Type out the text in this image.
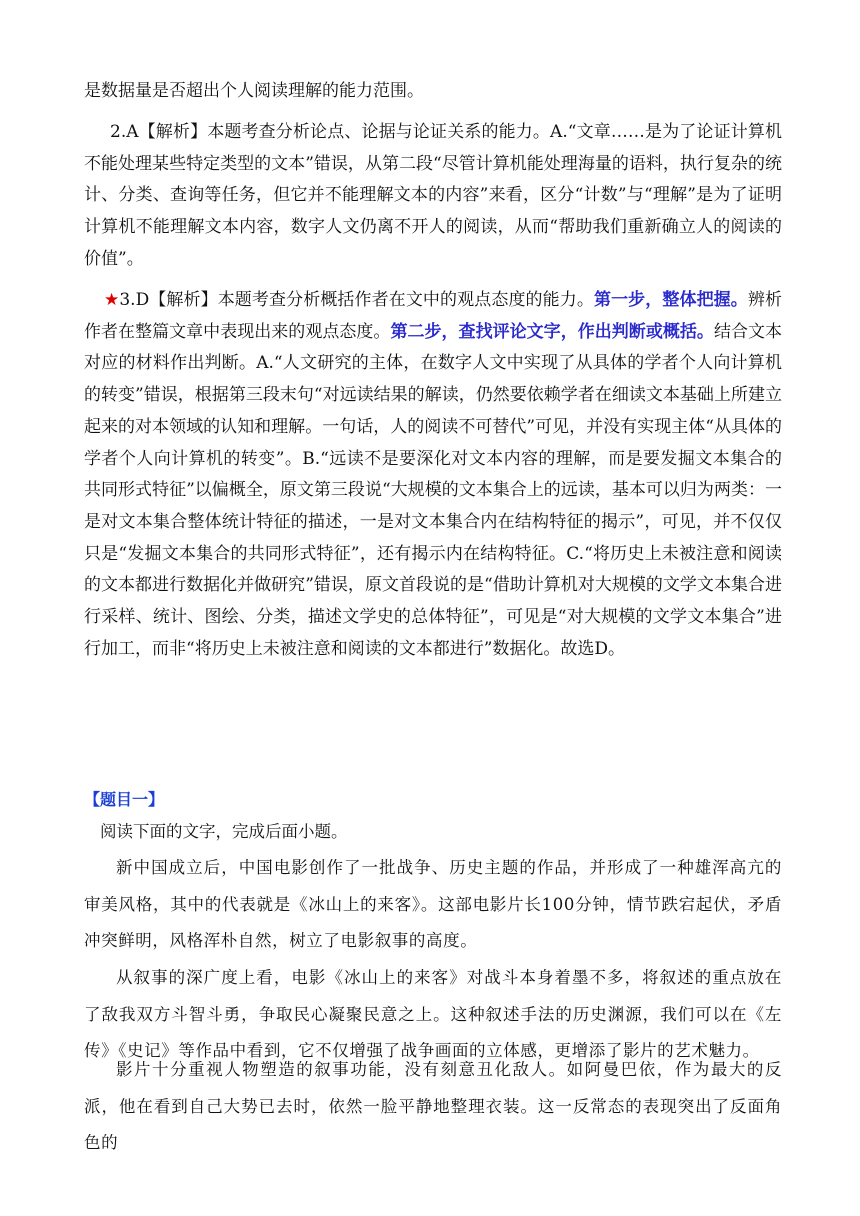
是数据量是否超出个人阅读理解的能力范围。

2.A【解析】本题考查分析论点、论据与论证关系的能力。A.“文章……是为了论证计算机不能处理某些特定类型的文本”错误，从第二段“尽管计算机能处理海量的语料，执行复杂的统计、分类、查询等任务，但它并不能理解文本的内容”来看，区分“计数”与“理解”是为了证明计算机不能理解文本内容，数字人文仍离不开人的阅读，从而“帮助我们重新确立人的阅读的价值”。

★3.D【解析】本题考查分析概括作者在文中的观点态度的能力。第一步，整体把握。辨析作者在整篇文章中表现出来的观点态度。第二步，查找评论文字，作出判断或概括。结合文本对应的材料作出判断。A.“人文研究的主体，在数字人文中实现了从具体的学者个人向计算机的转变”错误，根据第三段末句“对远读结果的解读，仍然要依赖学者在细读文本基础上所建立起来的对本领域的认知和理解。一句话，人的阅读不可替代”可见，并没有实现主体“从具体的学者个人向计算机的转变”。B.“远读不是要深化对文本内容的理解，而是要发掘文本集合的共同形式特征”以偏概全，原文第三段说“大规模的文本集合上的远读，基本可以归为两类：一是对文本集合整体统计特征的描述，一是对文本集合内在结构特征的揭示”，可见，并不仅仅只是“发掘文本集合的共同形式特征”，还有揭示内在结构特征。C.“将历史上未被注意和阅读的文本都进行数据化并做研究”错误，原文首段说的是“借助计算机对大规模的文学文本集合进行采样、统计、图绘、分类，描述文学史的总体特征”，可见是“对大规模的文学文本集合”进行加工，而非“将历史上未被注意和阅读的文本都进行”数据化。故选D。

【题目一】

阅读下面的文字，完成后面小题。

新中国成立后，中国电影创作了一批战争、历史主题的作品，并形成了一种雄浑高亢的审美风格，其中的代表就是《冰山上的来客》。这部电影片长100分钟，情节跌宕起伏，矛盾冲突鲜明，风格浑朴自然，树立了电影叙事的高度。

从叙事的深广度上看，电影《冰山上的来客》对战斗本身着墨不多，将叙述的重点放在了敌我双方斗智斗勇，争取民心凝聚民意之上。这种叙述手法的历史渊源，我们可以在《左传》《史记》等作品中看到，它不仅增强了战争画面的立体感，更增添了影片的艺术魅力。

影片十分重视人物塑造的叙事功能，没有刻意丑化敌人。如阿曼巴依，作为最大的反派，他在看到自己大势已去时，依然一脸平静地整理衣装。这一反常态的表现突出了反面角色的
